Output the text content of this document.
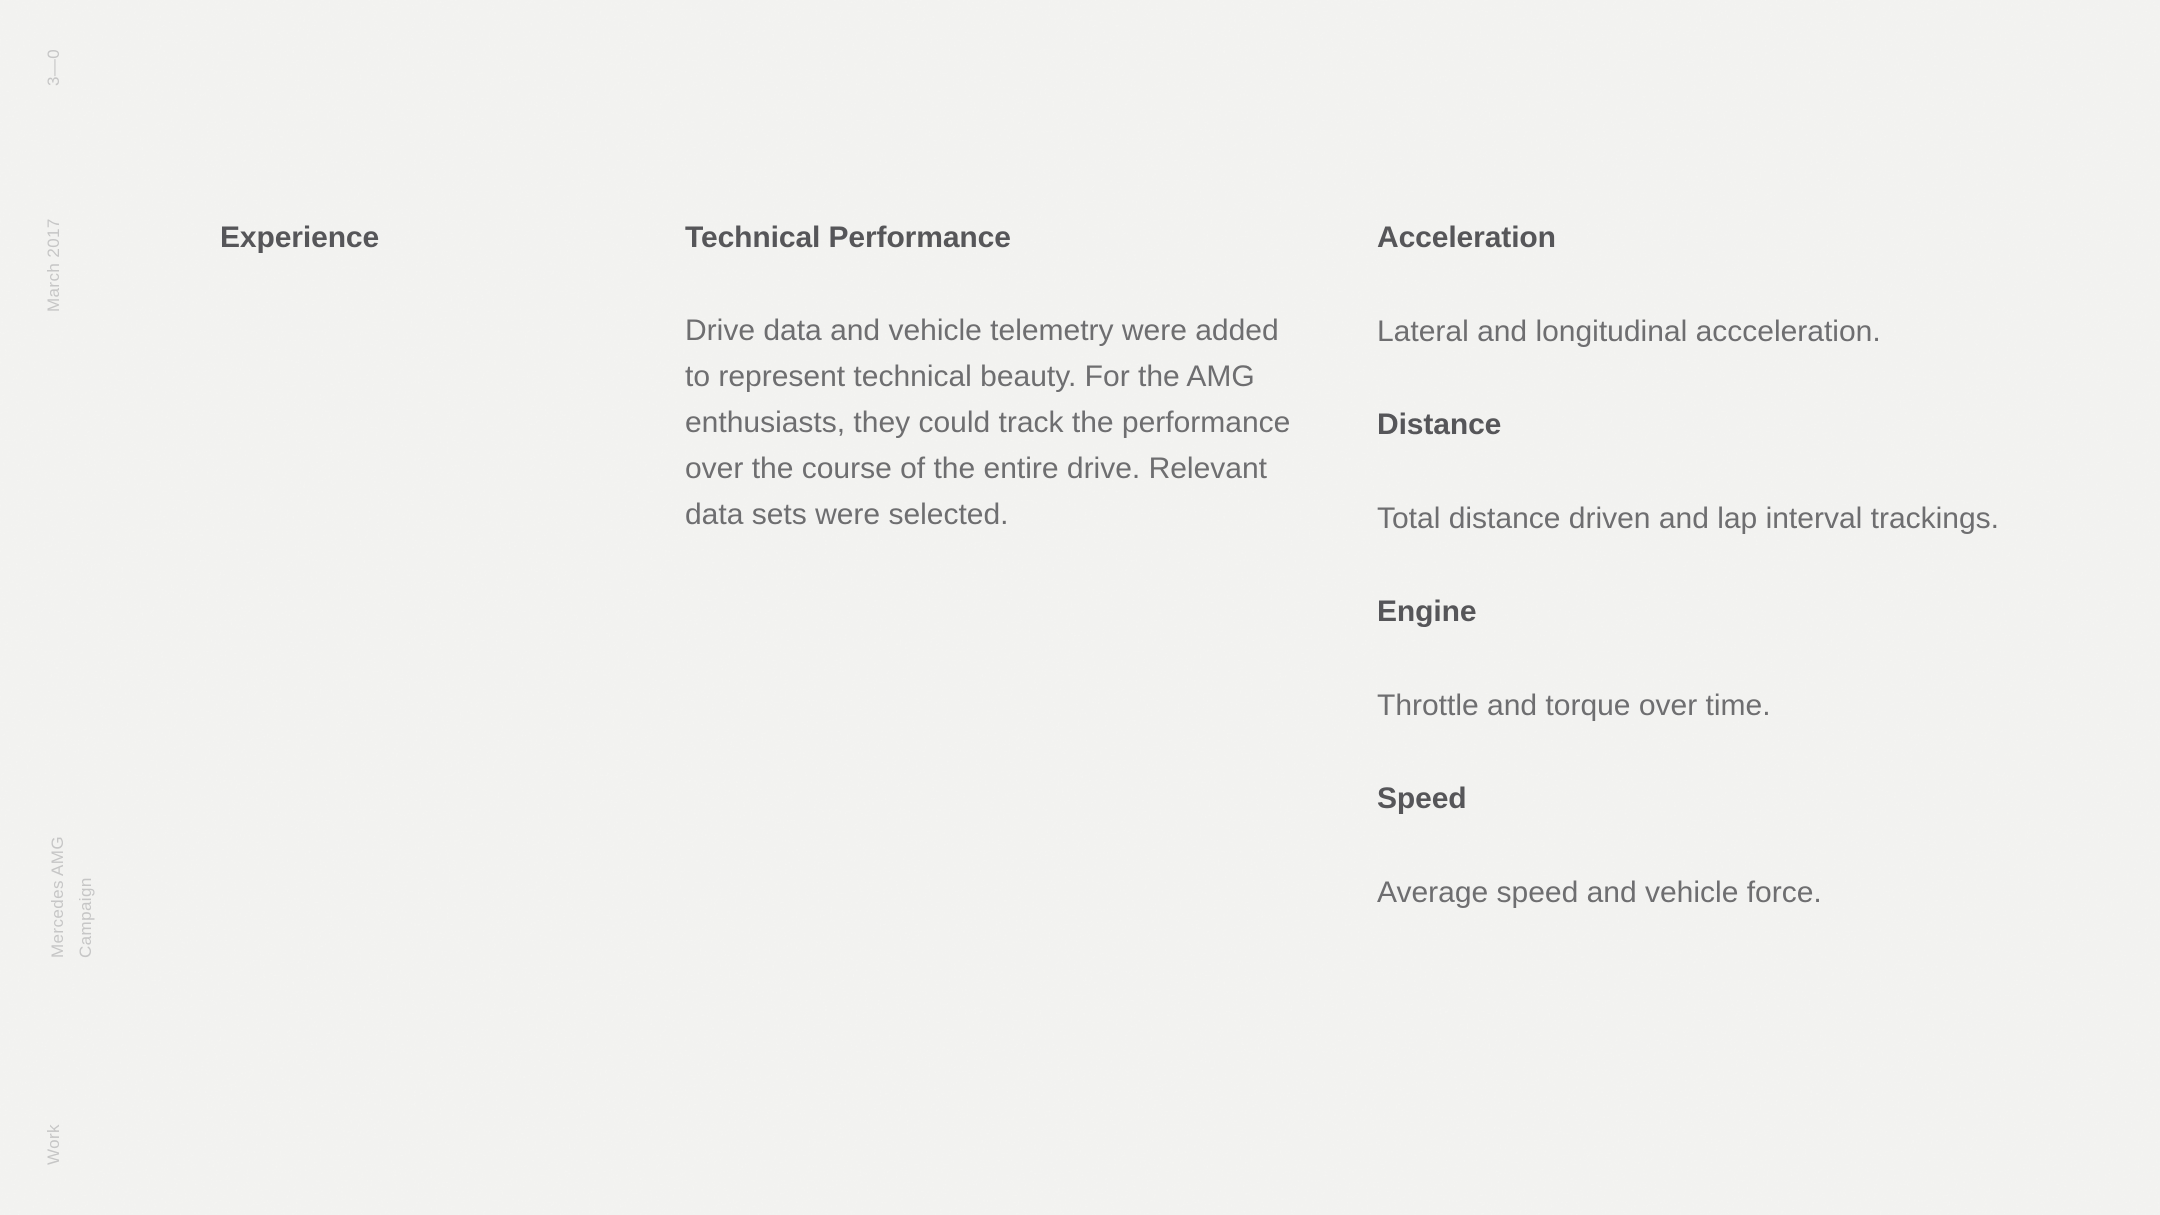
3—0
March 2017
Mercedes AMG Campaign
Work
Experience	Technical Performance
Drive data and vehicle telemetry were added
to represent technical beauty. For the AMG
enthusiasts, they could track the performance
over the course of the entire drive. Relevant
data sets were selected.
Acceleration

Lateral and longitudinal accceleration.

Distance

Total distance driven and lap interval trackings.

Engine

Throttle and torque over time.

Speed

Average speed and vehicle force.
